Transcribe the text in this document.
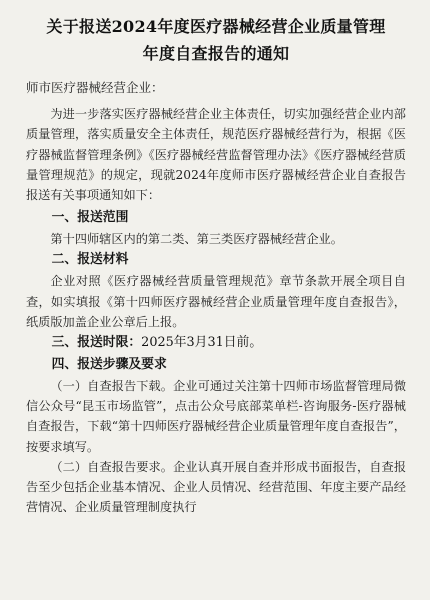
关于报送2024年度医疗器械经营企业质量管理
年度自查报告的通知

师市医疗器械经营企业：

为进一步落实医疗器械经营企业主体责任，切实加强经营企业内部质量管理，落实质量安全主体责任，规范医疗器械经营行为，根据《医疗器械监督管理条例》《医疗器械经营监督管理办法》《医疗器械经营质量管理规范》的规定，现就2024年度师市医疗器械经营企业自查报告报送有关事项通知如下：

一、报送范围

第十四师辖区内的第二类、第三类医疗器械经营企业。

二、报送材料

企业对照《医疗器械经营质量管理规范》章节条款开展全项目自查，如实填报《第十四师医疗器械经营企业质量管理年度自查报告》，纸质版加盖企业公章后上报。

三、报送时限：2025年3月31日前。

四、报送步骤及要求

（一）自查报告下载。企业可通过关注第十四师市场监督管理局微信公众号“昆玉市场监管”，点击公众号底部菜单栏-咨询服务-医疗器械自查报告，下载“第十四师医疗器械经营企业质量管理年度自查报告”，按要求填写。

（二）自查报告要求。企业认真开展自查并形成书面报告，自查报告至少包括企业基本情况、企业人员情况、经营范围、年度主要产品经营情况、企业质量管理制度执行
